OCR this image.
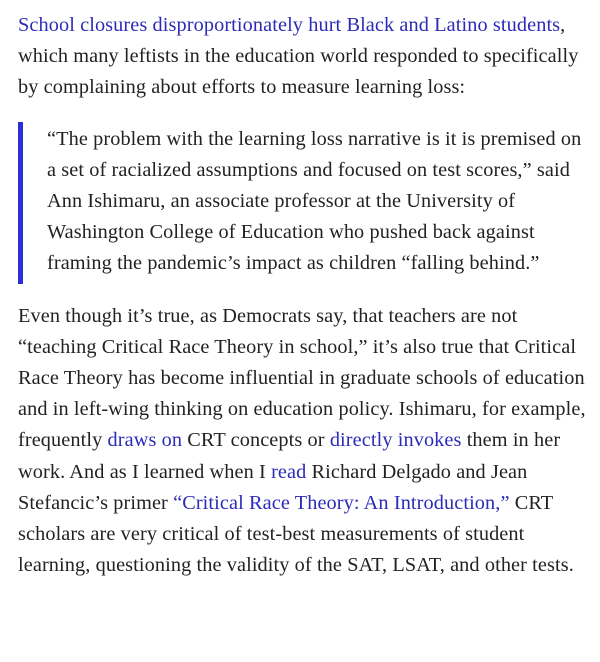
School closures disproportionately hurt Black and Latino students, which many leftists in the education world responded to specifically by complaining about efforts to measure learning loss:

“The problem with the learning loss narrative is it is premised on a set of racialized assumptions and focused on test scores,” said Ann Ishimaru, an associate professor at the University of Washington College of Education who pushed back against framing the pandemic’s impact as children “falling behind.”

Even though it’s true, as Democrats say, that teachers are not “teaching Critical Race Theory in school,” it’s also true that Critical Race Theory has become influential in graduate schools of education and in left-wing thinking on education policy. Ishimaru, for example, frequently draws on CRT concepts or directly invokes them in her work. And as I learned when I read Richard Delgado and Jean Stefancic’s primer “Critical Race Theory: An Introduction,” CRT scholars are very critical of test-best measurements of student learning, questioning the validity of the SAT, LSAT, and other tests.
